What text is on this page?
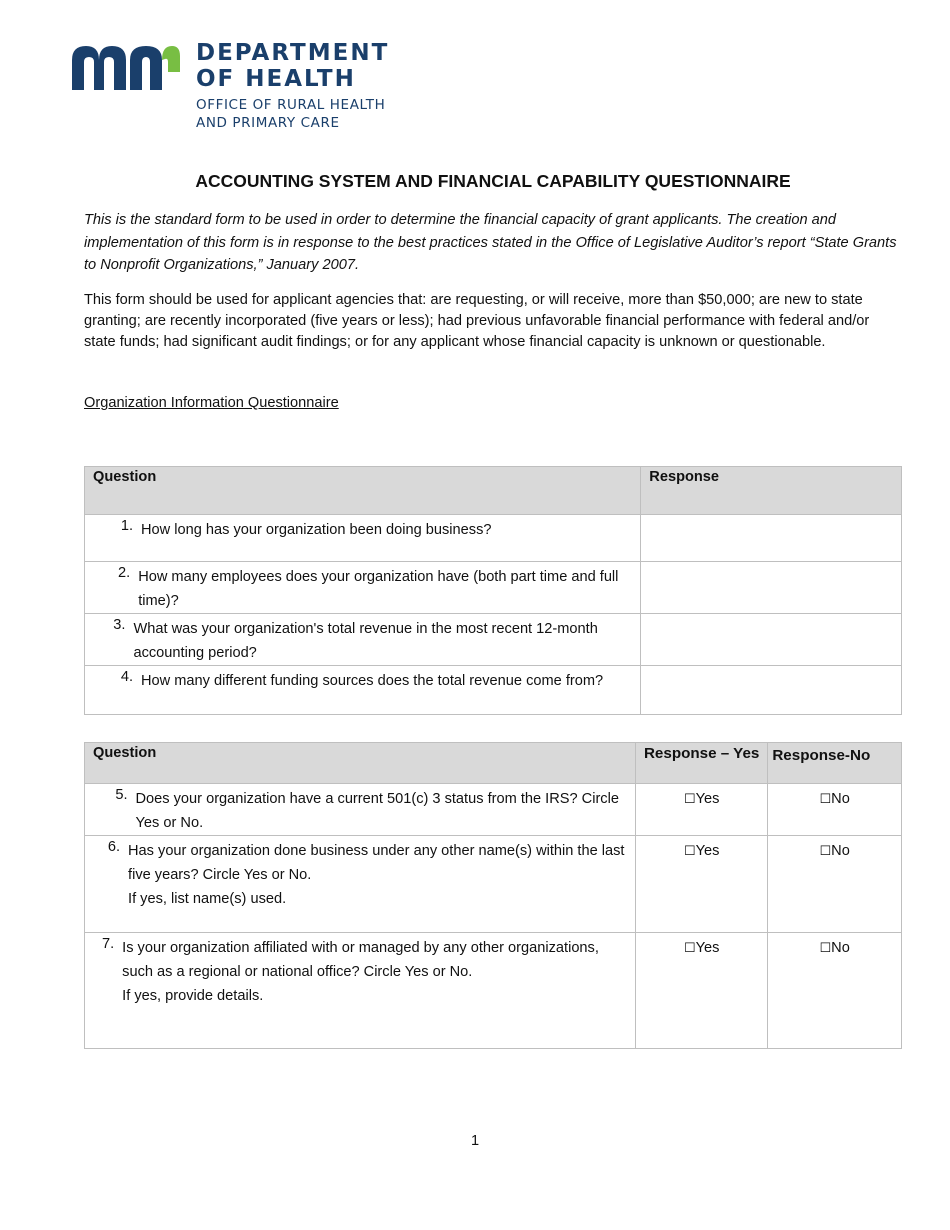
DEPARTMENT
OF HEALTH
OFFICE OF RURAL HEALTH
AND PRIMARY CARE
ACCOUNTING SYSTEM AND FINANCIAL CAPABILITY QUESTIONNAIRE
This is the standard form to be used in order to determine the financial capacity of grant applicants. The creation and implementation of this form is in response to the best practices stated in the Office of Legislative Auditor’s report “State Grants to Nonprofit Organizations,” January 2007.
This form should be used for applicant agencies that: are requesting, or will receive, more than $50,000; are new to state granting; are recently incorporated (five years or less); had previous unfavorable financial performance with federal and/or state funds; had significant audit findings; or for any applicant whose financial capacity is unknown or questionable.
Organization Information Questionnaire
Question	Response

1. How long has your organization been doing business?	

2. How many employees does your organization have (both part time and full time)?	

3. What was your organization's total revenue in the most recent 12-month accounting period?	

4. How many different funding sources does the total revenue come from?	

Question	Response – Yes	Response-No

5. Does your organization have a current 501(c) 3 status from the IRS? Circle Yes or No.	☐Yes	☐No

6. Has your organization done business under any other name(s) within the last five years? Circle Yes or No.
If yes, list name(s) used.	☐Yes	☐No

7. Is your organization affiliated with or managed by any other organizations, such as a regional or national office? Circle Yes or No.
If yes, provide details.	☐Yes	☐No
1
